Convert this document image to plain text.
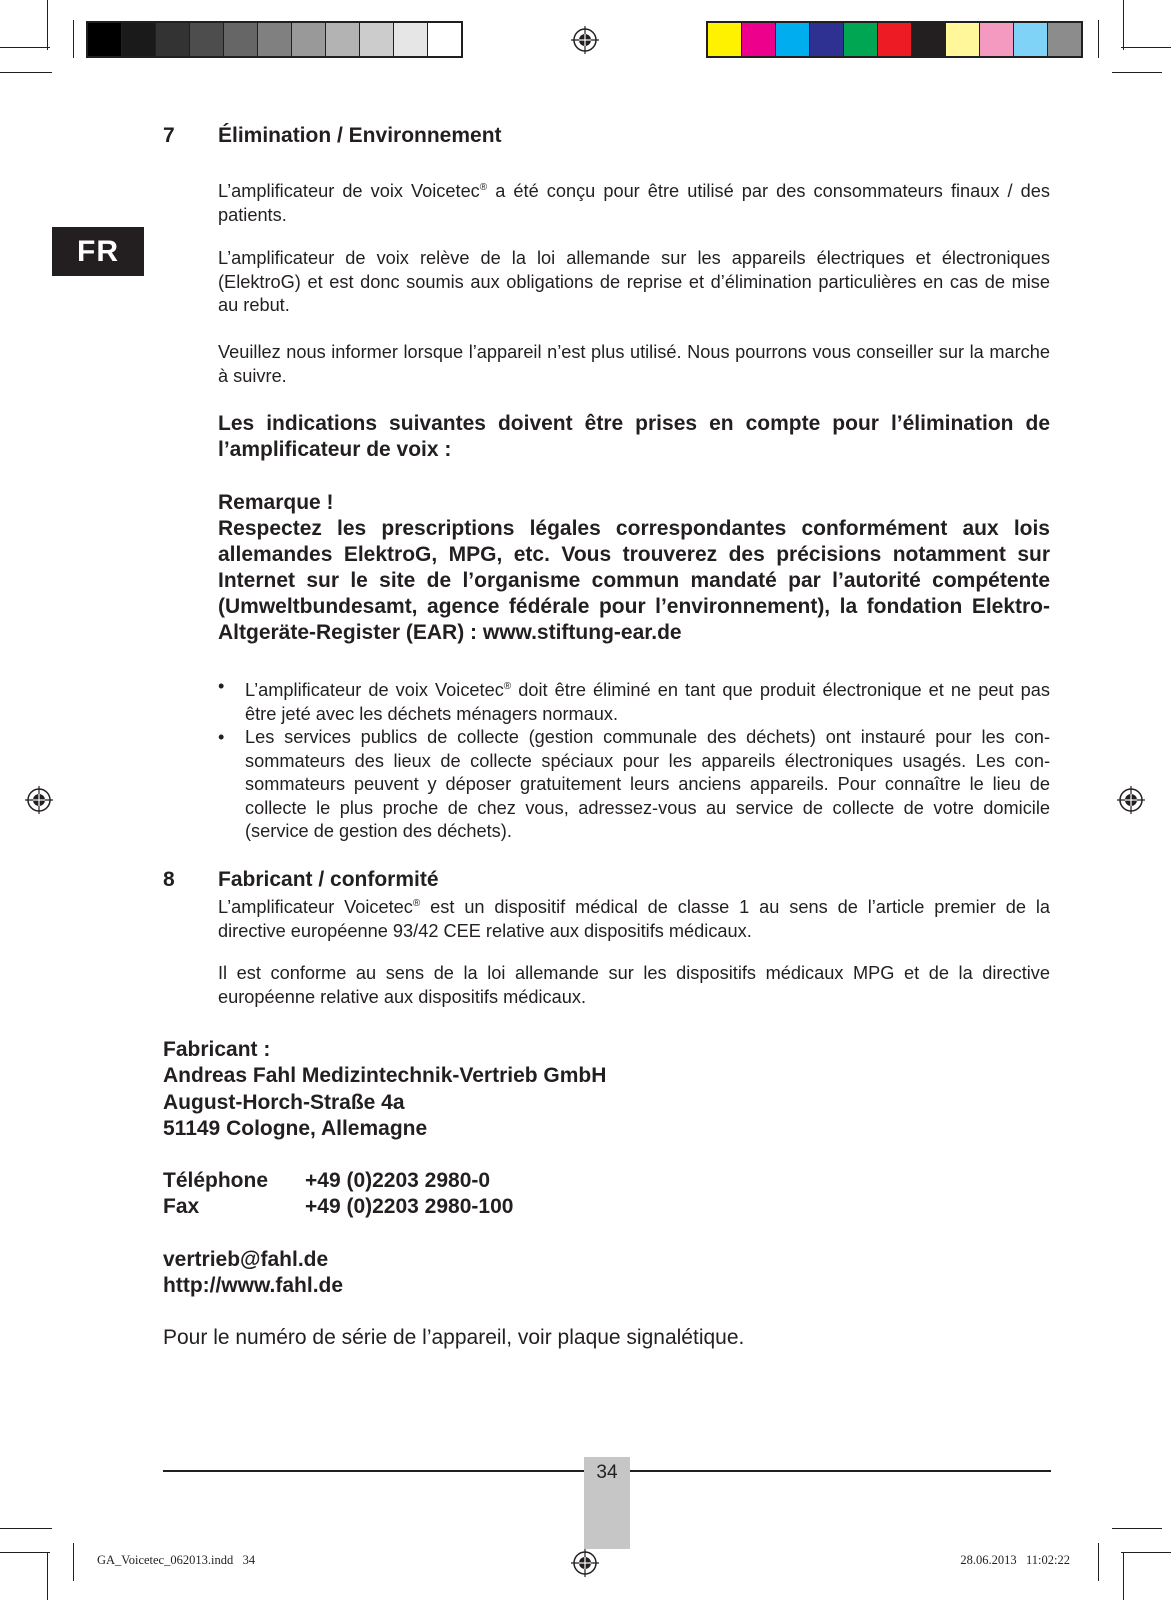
FR
7 Élimination / Environnement

L’amplificateur de voix Voicetec® a été conçu pour être utilisé par des consommateurs finaux / des patients.

L’amplificateur de voix relève de la loi allemande sur les appareils électriques et électroniques (ElektroG) et est donc soumis aux obligations de reprise et d’élimination particulières en cas de mise au rebut.

Veuillez nous informer lorsque l’appareil n’est plus utilisé. Nous pourrons vous conseiller sur la marche à suivre.

Les indications suivantes doivent être prises en compte pour l’élimination de l’amplificateur de voix :

Remarque !

Respectez les prescriptions légales correspondantes conformément aux lois allemandes ElektroG, MPG, etc. Vous trouverez des précisions notamment sur Internet sur le site de l’organisme commun mandaté par l’autorité compétente (Umweltbundesamt, agence fédérale pour l’environnement), la fondation Elektro-Altgeräte-Register (EAR) : www.stiftung-ear.de

• L’amplificateur de voix Voicetec® doit être éliminé en tant que produit électronique et ne peut pas être jeté avec les déchets ménagers normaux.
• Les services publics de collecte (gestion communale des déchets) ont instauré pour les consommateurs des lieux de collecte spéciaux pour les appareils électroniques usagés. Les consommateurs peuvent y déposer gratuitement leurs anciens appareils. Pour connaître le lieu de collecte le plus proche de chez vous, adressez-vous au service de collecte de votre domicile (service de gestion des déchets).
8 Fabricant / conformité

L’amplificateur Voicetec® est un dispositif médical de classe 1 au sens de l’article premier de la directive européenne 93/42 CEE relative aux dispositifs médicaux.

Il est conforme au sens de la loi allemande sur les dispositifs médicaux MPG et de la directive européenne relative aux dispositifs médicaux.

Fabricant :
Andreas Fahl Medizintechnik-Vertrieb GmbH
August-Horch-Straße 4a
51149 Cologne, Allemagne
Téléphone	+49 (0)2203 2980-0
Fax	+49 (0)2203 2980-100
vertrieb@fahl.de
http://www.fahl.de
Pour le numéro de série de l’appareil, voir plaque signalétique.
34
GA_Voicetec_062013.indd   34	28.06.2013   11:02:22
